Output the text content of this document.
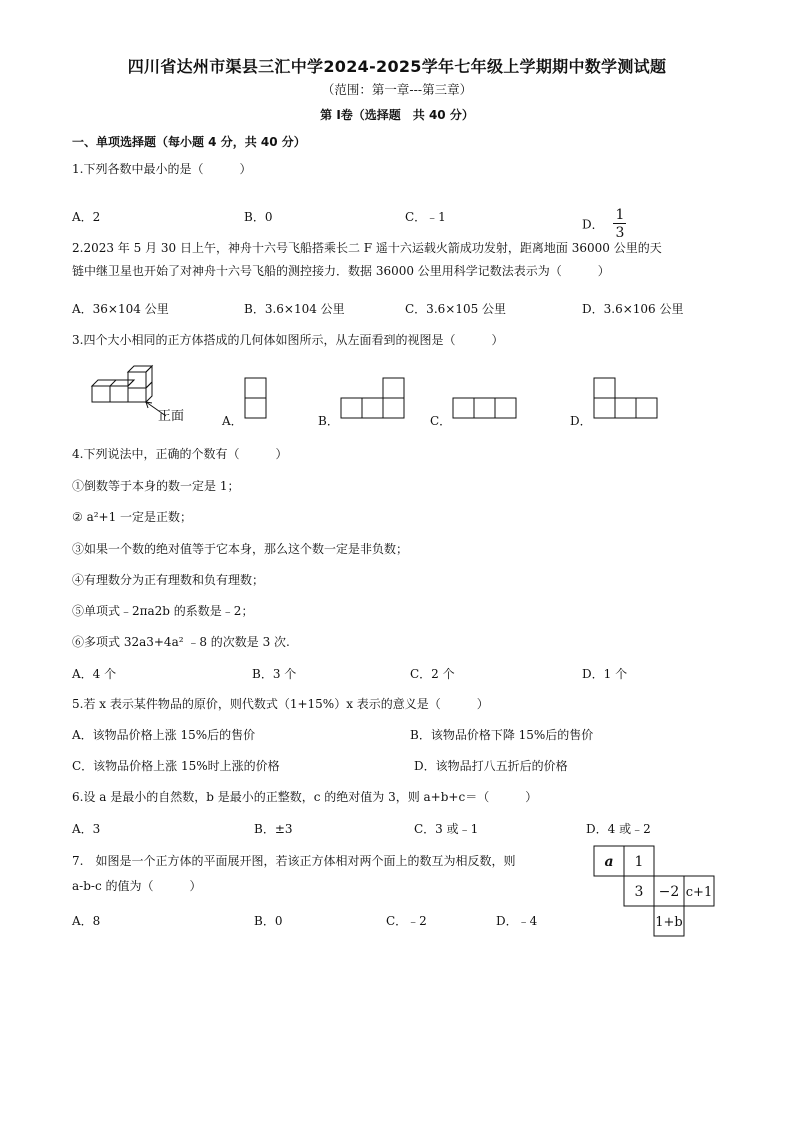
四川省达州市渠县三汇中学2024-2025学年七年级上学期期中数学测试题
（范围：第一章---第三章）
第 Ⅰ卷（选择题　共 40 分）
一、单项选择题（每小题 4 分，共 40 分）
1.下列各数中最小的是（　　　）
A．2	B．0	C．﹣1
D． $\frac{1}{3}$
2.2023 年 5 月 30 日上午，神舟十六号飞船搭乘长二 F 遥十六运载火箭成功发射，距离地面 36000 公里的天
链中继卫星也开始了对神舟十六号飞船的测控接力．数据 36000 公里用科学记数法表示为（　　　）
A．36×104 公里	B．3.6×104 公里	C．3.6×105 公里	D．3.6×106 公里
3.四个大小相同的正方体搭成的几何体如图所示，从左面看到的视图是（　　　）
正面	A．	B．	C．	D．
4.下列说法中，正确的个数有（　　　）
①倒数等于本身的数一定是 1；
② a²+1 一定是正数；
③如果一个数的绝对值等于它本身，那么这个数一定是非负数；
④有理数分为正有理数和负有理数；
⑤单项式﹣2πa2b 的系数是﹣2；
⑥多项式 32a3+4a² ﹣8 的次数是 3 次.
A．4 个	B．3 个	C．2 个	D．1 个
5.若 x 表示某件物品的原价，则代数式（1+15%）x 表示的意义是（　　　）
A．该物品价格上涨 15%后的售价	B．该物品价格下降 15%后的售价
C．该物品价格上涨 15%时上涨的价格	D．该物品打八五折后的价格
6.设 a 是最小的自然数，b 是最小的正整数，c 的绝对值为 3，则 a+b+c＝（　　　）
A．3	B．±3	C．3 或﹣1	D．4 或﹣2
7.　如图是一个正方体的平面展开图，若该正方体相对两个面上的数互为相反数，则
a-b-c 的值为（　　　）
A．8	B．0	C．﹣2	D．﹣4
a 1
3 −2 c+1
1+b
